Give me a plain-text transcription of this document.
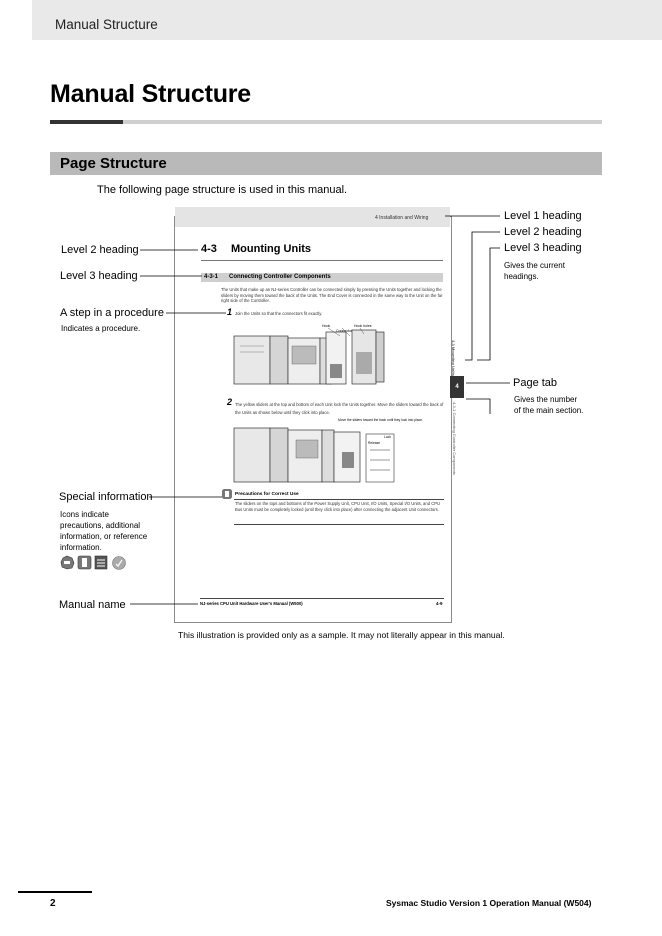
Manual Structure
Manual Structure
Page Structure
The following page structure is used in this manual.
4 Installation and Wiring
4-3 Mounting Units
4-3-1 Connecting Controller Components
The Units that make up an NJ-series Controller can be connected simply by pressing the Units together and locking the sliders by moving them toward the back of the Units. The End Cover is connected in the same way to the Unit on the far right side of the Controller.
1 Join the Units so that the connectors fit exactly.
Hook
Connector
Hook holes
2 The yellow sliders at the top and bottom of each Unit lock the Units together. Move the sliders toward the back of the Units as shown below until they click into place.
Move the sliders toward the back until they lock into place.
Lock
Release
Precautions for Correct Use
The sliders on the tops and bottoms of the Power Supply Unit, CPU Unit, I/O Units, Special I/O Units, and CPU Bus Units must be completely locked (until they click into place) after connecting the adjacent Unit connectors.
NJ-series CPU Unit Hardware User's Manual (W500)	4-9
4-3 Mounting Units
4
4-3-1 Connecting Controller Components
Level 1 heading
Level 2 heading
Level 3 heading
Gives the current
headings.
Page tab
Gives the number
of the main section.
Level 2 heading
Level 3 heading
A step in a procedure
Indicates a procedure.
Special information
Icons indicate
precautions, additional
information, or reference
information.
Manual name
This illustration is provided only as a sample. It may not literally appear in this manual.
2	Sysmac Studio Version 1 Operation Manual (W504)
